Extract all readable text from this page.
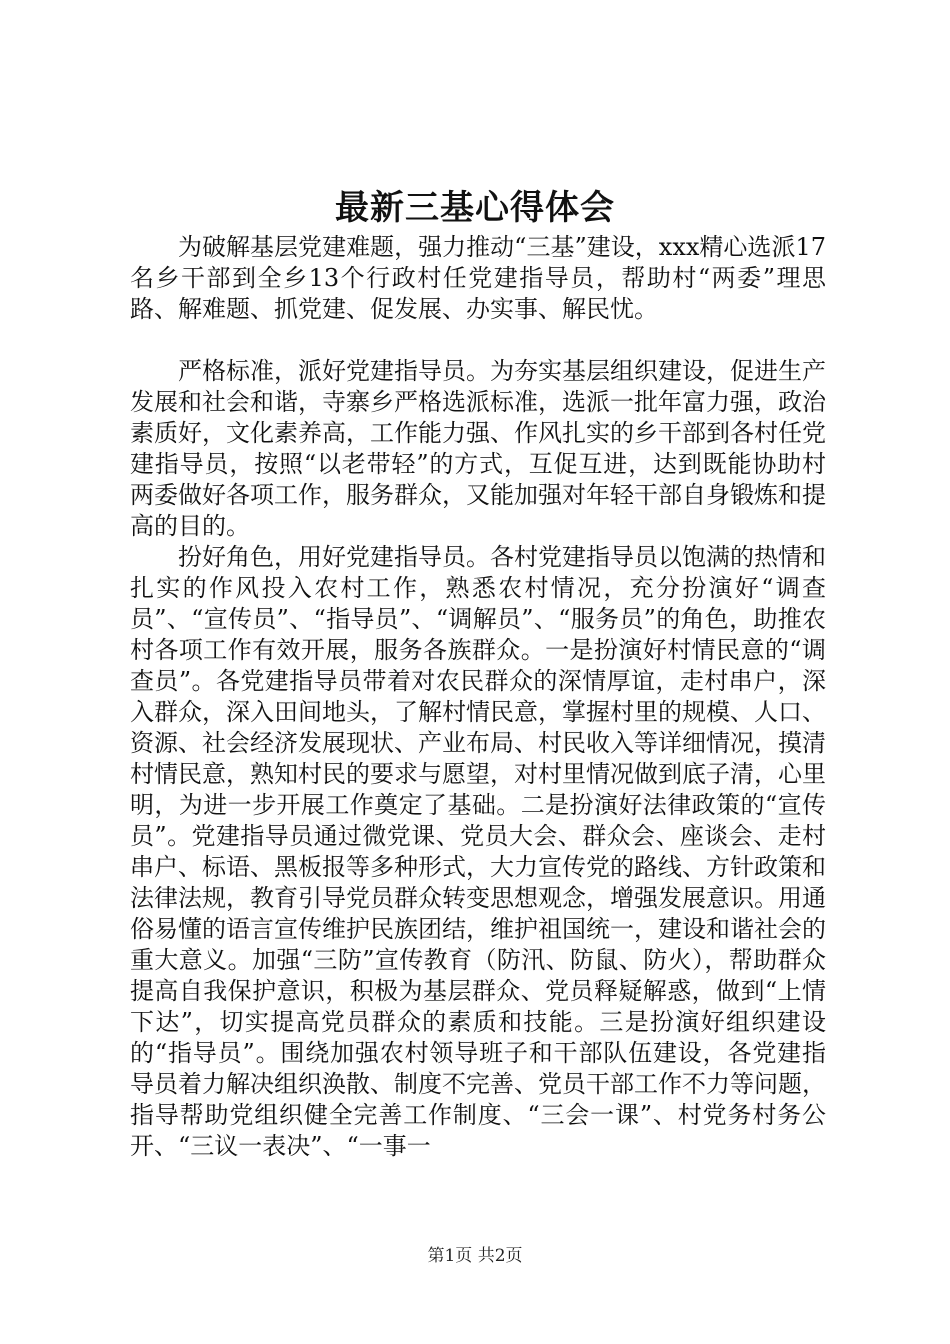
最新三基心得体会

为破解基层党建难题，强力推动“三基”建设，xxx精心选派17名乡干部到全乡13个行政村任党建指导员，帮助村“两委”理思路、解难题、抓党建、促发展、办实事、解民忧。

严格标准，派好党建指导员。为夯实基层组织建设，促进生产发展和社会和谐，寺寨乡严格选派标准，选派一批年富力强，政治素质好，文化素养高，工作能力强、作风扎实的乡干部到各村任党建指导员，按照“以老带轻”的方式，互促互进，达到既能协助村两委做好各项工作，服务群众，又能加强对年轻干部自身锻炼和提高的目的。

扮好角色，用好党建指导员。各村党建指导员以饱满的热情和扎实的作风投入农村工作，熟悉农村情况，充分扮演好“调查员”、“宣传员”、“指导员”、“调解员”、“服务员”的角色，助推农村各项工作有效开展，服务各族群众。一是扮演好村情民意的“调查员”。各党建指导员带着对农民群众的深情厚谊，走村串户，深入群众，深入田间地头，了解村情民意，掌握村里的规模、人口、资源、社会经济发展现状、产业布局、村民收入等详细情况，摸清村情民意，熟知村民的要求与愿望，对村里情况做到底子清，心里明，为进一步开展工作奠定了基础。二是扮演好法律政策的“宣传员”。党建指导员通过微党课、党员大会、群众会、座谈会、走村串户、标语、黑板报等多种形式，大力宣传党的路线、方针政策和法律法规，教育引导党员群众转变思想观念，增强发展意识。用通俗易懂的语言宣传维护民族团结，维护祖国统一，建设和谐社会的重大意义。加强“三防”宣传教育（防汛、防鼠、防火），帮助群众提高自我保护意识，积极为基层群众、党员释疑解惑，做到“上情下达”，切实提高党员群众的素质和技能。三是扮演好组织建设的“指导员”。围绕加强农村领导班子和干部队伍建设，各党建指导员着力解决组织涣散、制度不完善、党员干部工作不力等问题，指导帮助党组织健全完善工作制度、“三会一课”、村党务村务公开、“三议一表决”、“一事一

第1页 共2页
